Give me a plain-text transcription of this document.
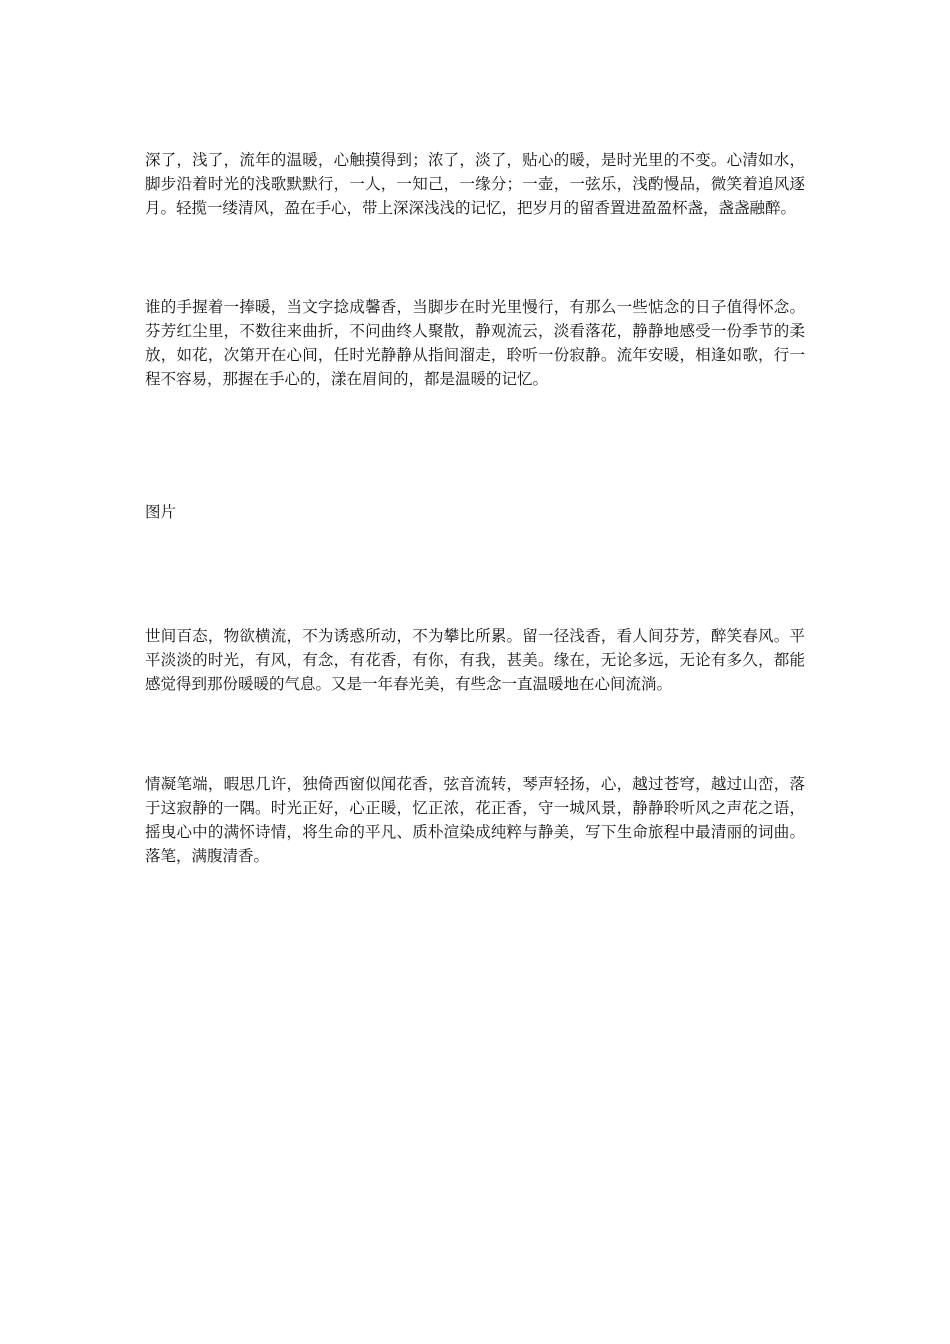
深了，浅了，流年的温暖，心触摸得到；浓了，淡了，贴心的暖，是时光里的不变。心清如水，脚步沿着时光的浅歌默默行，一人，一知己，一缘分；一壶，一弦乐，浅酌慢品，微笑着追风逐月。轻揽一缕清风，盈在手心，带上深深浅浅的记忆，把岁月的留香置进盈盈杯盏，盏盏融醉。

谁的手握着一捧暖，当文字捻成馨香，当脚步在时光里慢行，有那么一些惦念的日子值得怀念。芬芳红尘里，不数往来曲折，不问曲终人聚散，静观流云，淡看落花，静静地感受一份季节的柔放，如花，次第开在心间，任时光静静从指间溜走，聆听一份寂静。流年安暖，相逢如歌，行一程不容易，那握在手心的，漾在眉间的，都是温暖的记忆。

图片

世间百态，物欲横流，不为诱惑所动，不为攀比所累。留一径浅香，看人间芬芳，醉笑春风。平平淡淡的时光，有风，有念，有花香，有你，有我，甚美。缘在，无论多远，无论有多久，都能感觉得到那份暖暖的气息。又是一年春光美，有些念一直温暖地在心间流淌。

情凝笔端，暇思几许，独倚西窗似闻花香，弦音流转，琴声轻扬，心，越过苍穹，越过山峦，落于这寂静的一隅。时光正好，心正暖，忆正浓，花正香，守一城风景，静静聆听风之声花之语，摇曳心中的满怀诗情，将生命的平凡、质朴渲染成纯粹与静美，写下生命旅程中最清丽的词曲。落笔，满腹清香。
